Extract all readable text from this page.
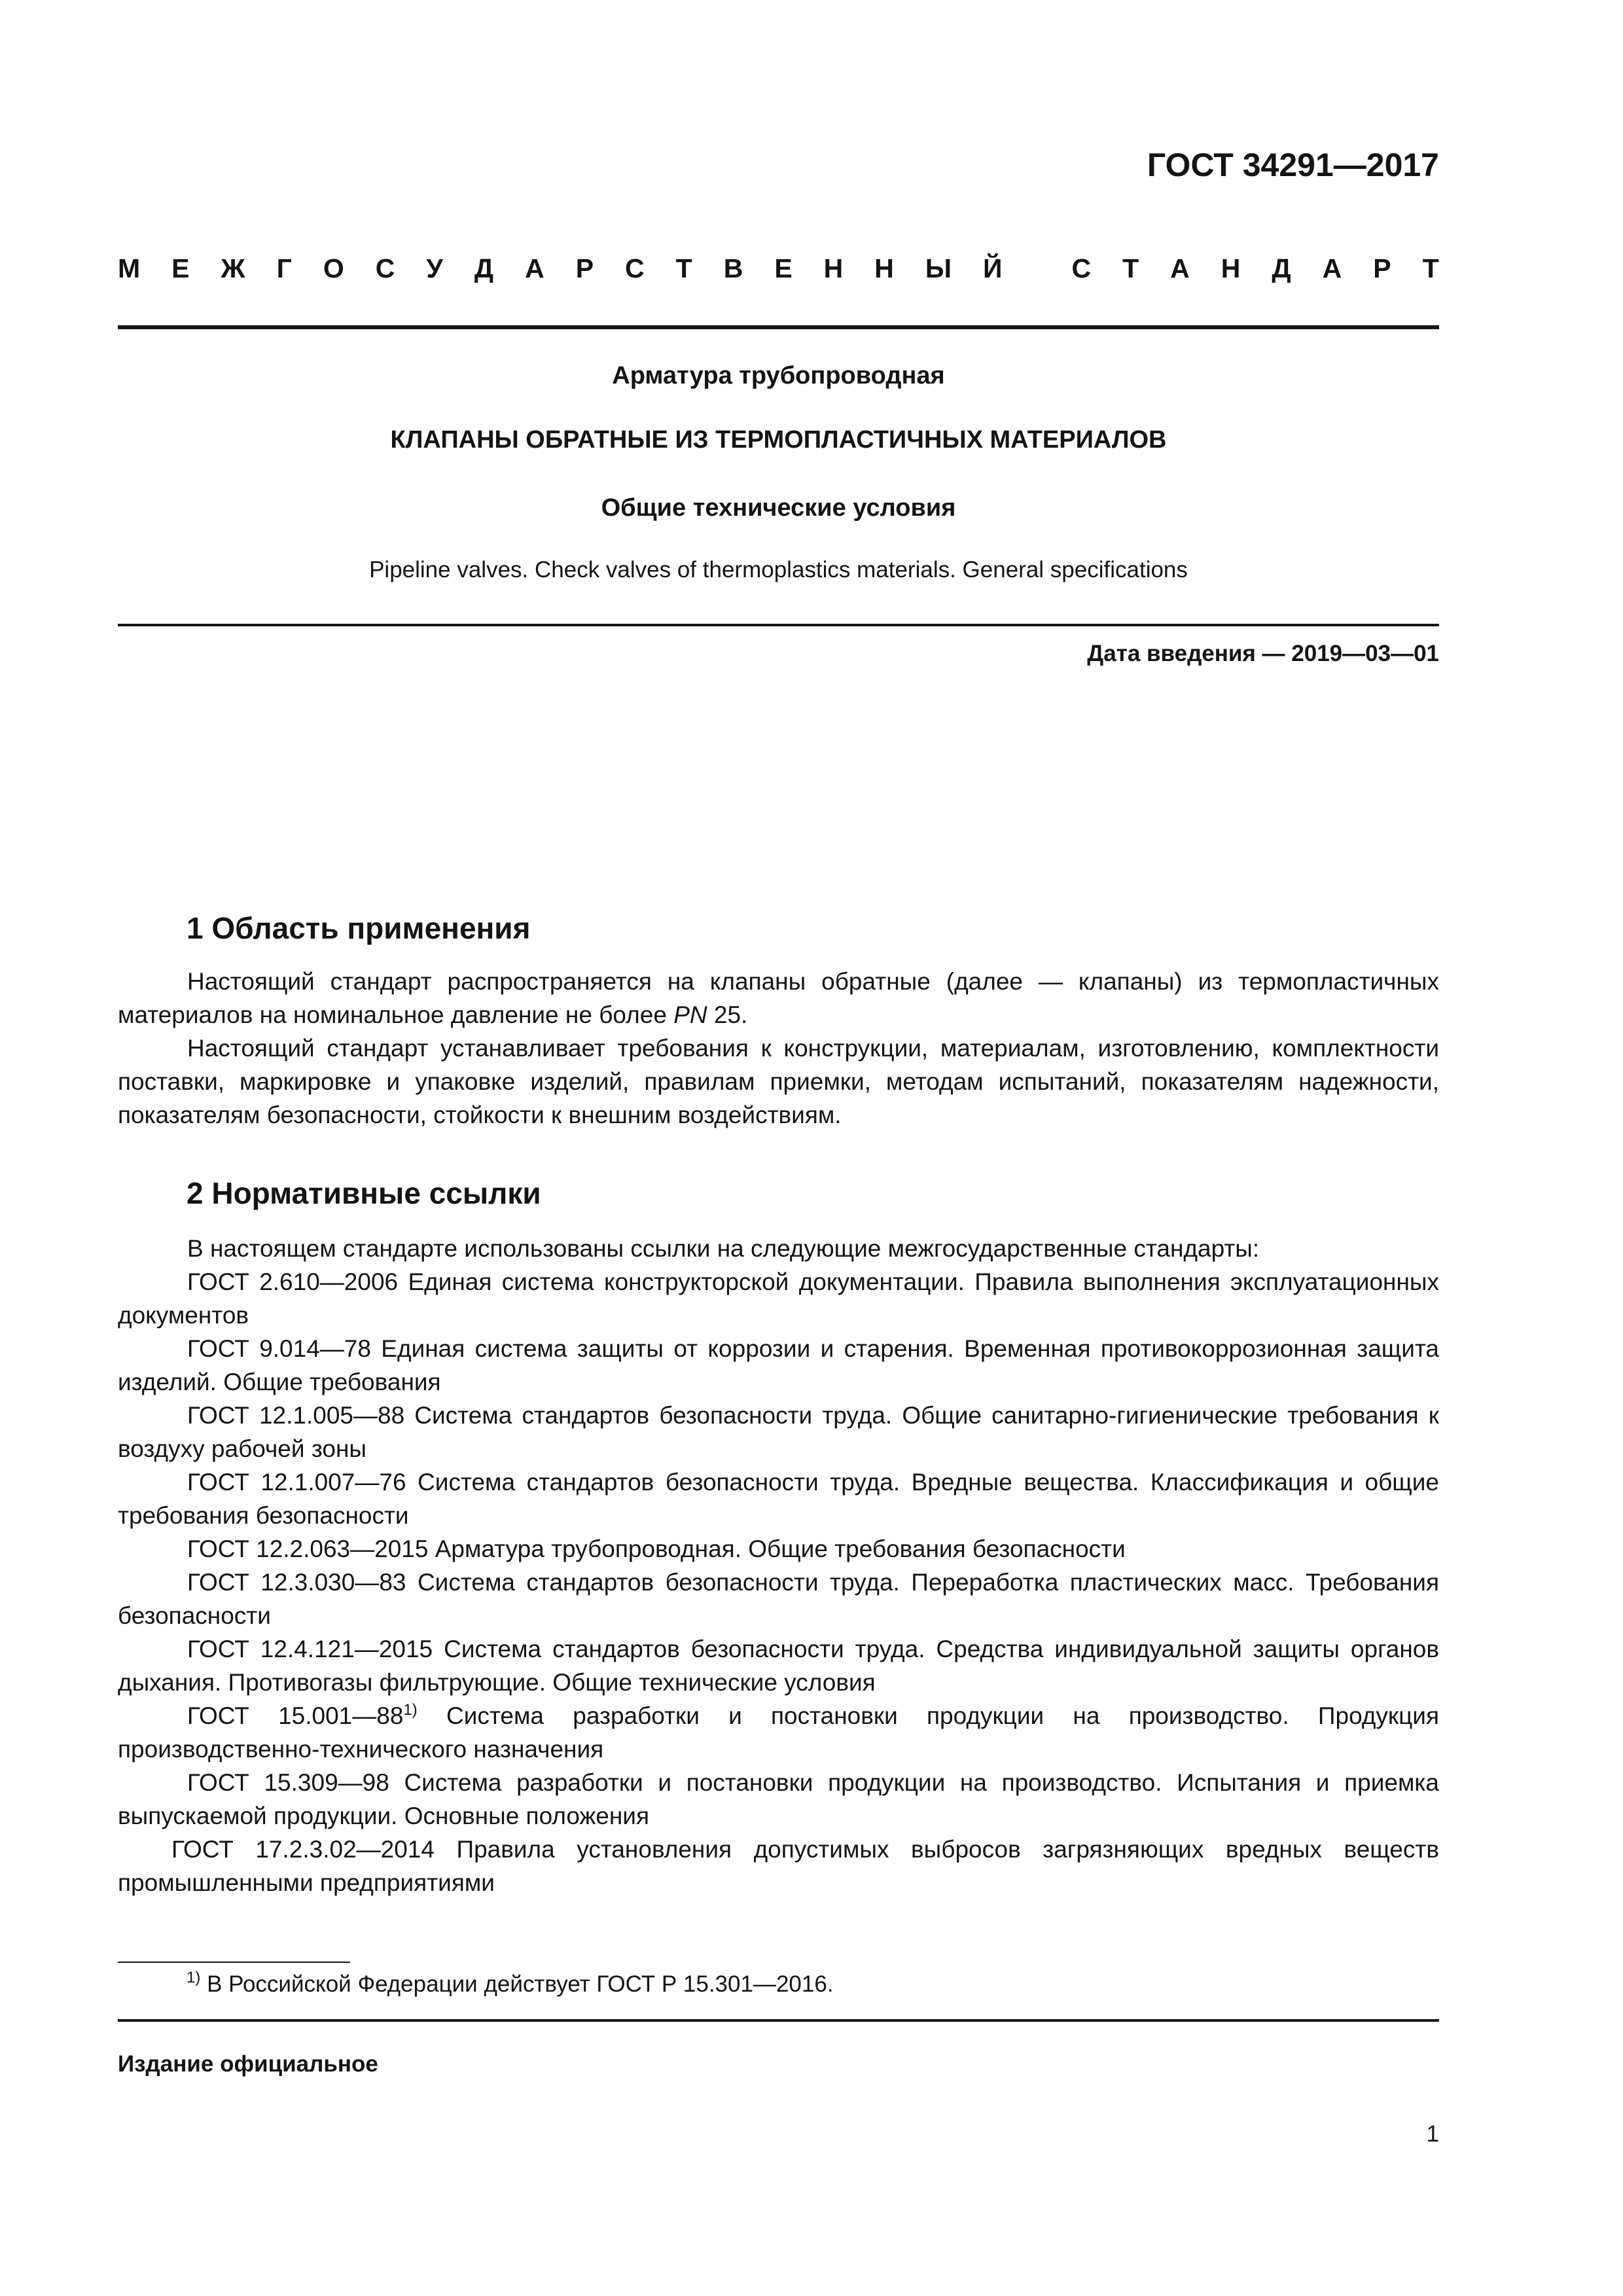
ГОСТ 34291—2017
М Е Ж Г О С У Д А Р С Т В Е Н Н Ы Й	С Т А Н Д А Р Т
Арматура трубопроводная
КЛАПАНЫ ОБРАТНЫЕ ИЗ ТЕРМОПЛАСТИЧНЫХ МАТЕРИАЛОВ
Общие технические условия
Pipeline valves. Check valves of thermoplastics materials. General specifications
Дата введения — 2019—03—01
1 Область применения

Настоящий стандарт распространяется на клапаны обратные (далее — клапаны) из термопластичных материалов на номинальное давление не более PN 25.

Настоящий стандарт устанавливает требования к конструкции, материалам, изготовлению, комплектности поставки, маркировке и упаковке изделий, правилам приемки, методам испытаний, показателям надежности, показателям безопасности, стойкости к внешним воздействиям.

2 Нормативные ссылки

В настоящем стандарте использованы ссылки на следующие межгосударственные стандарты:

ГОСТ 2.610—2006 Единая система конструкторской документации. Правила выполнения эксплуатационных документов

ГОСТ 9.014—78 Единая система защиты от коррозии и старения. Временная противокоррозионная защита изделий. Общие требования

ГОСТ 12.1.005—88 Система стандартов безопасности труда. Общие санитарно-гигиенические требования к воздуху рабочей зоны

ГОСТ 12.1.007—76 Система стандартов безопасности труда. Вредные вещества. Классификация и общие требования безопасности

ГОСТ 12.2.063—2015 Арматура трубопроводная. Общие требования безопасности

ГОСТ 12.3.030—83 Система стандартов безопасности труда. Переработка пластических масс. Требования безопасности

ГОСТ 12.4.121—2015 Система стандартов безопасности труда. Средства индивидуальной защиты органов дыхания. Противогазы фильтрующие. Общие технические условия

ГОСТ 15.001—88$^{1)}$ Система разработки и постановки продукции на производство. Продукция производственно-технического назначения

ГОСТ 15.309—98 Система разработки и постановки продукции на производство. Испытания и приемка выпускаемой продукции. Основные положения

ГОСТ 17.2.3.02—2014 Правила установления допустимых выбросов загрязняющих вредных веществ промышленными предприятиями

$^{1)}$ В Российской Федерации действует ГОСТ Р 15.301—2016.
Издание официальное
1
